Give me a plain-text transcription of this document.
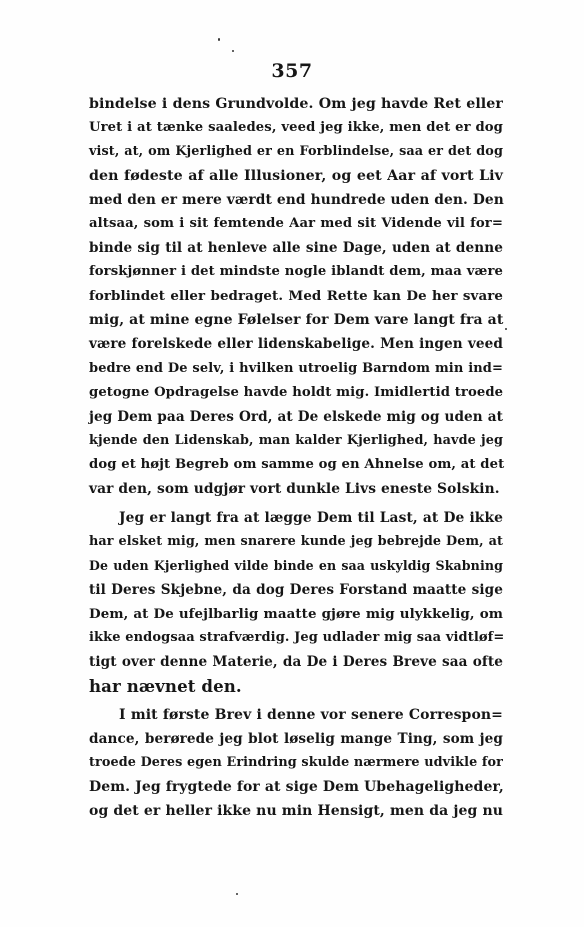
357
bindelse i dens Grundvolde. Om jeg havde Ret eller
Uret i at tænke saaledes, veed jeg ikke, men det er dog
vist, at, om Kjerlighed er en Forblindelse, saa er det dog
den fødeste af alle Illusioner, og eet Aar af vort Liv
med den er mere værdt end hundrede uden den. Den
altsaa, som i sit femtende Aar med sit Vidende vil for=
binde sig til at henleve alle sine Dage, uden at denne
forskjønner i det mindste nogle iblandt dem, maa være
forblindet eller bedraget. Med Rette kan De her svare
mig, at mine egne Følelser for Dem vare langt fra at
være forelskede eller lidenskabelige. Men ingen veed
bedre end De selv, i hvilken utroelig Barndom min ind=
getogne Opdragelse havde holdt mig. Imidlertid troede
jeg Dem paa Deres Ord, at De elskede mig og uden at
kjende den Lidenskab, man kalder Kjerlighed, havde jeg
dog et højt Begreb om samme og en Ahnelse om, at det
var den, som udgjør vort dunkle Livs eneste Solskin.
Jeg er langt fra at lægge Dem til Last, at De ikke
har elsket mig, men snarere kunde jeg bebrejde Dem, at
De uden Kjerlighed vilde binde en saa uskyldig Skabning
til Deres Skjebne, da dog Deres Forstand maatte sige
Dem, at De ufejlbarlig maatte gjøre mig ulykkelig, om
ikke endogsaa strafværdig. Jeg udlader mig saa vidtløf=
tigt over denne Materie, da De i Deres Breve saa ofte
har nævnet den.
I mit første Brev i denne vor senere Correspon=
dance, berørede jeg blot løselig mange Ting, som jeg
troede Deres egen Erindring skulde nærmere udvikle for
Dem. Jeg frygtede for at sige Dem Ubehageligheder,
og det er heller ikke nu min Hensigt, men da jeg nu
